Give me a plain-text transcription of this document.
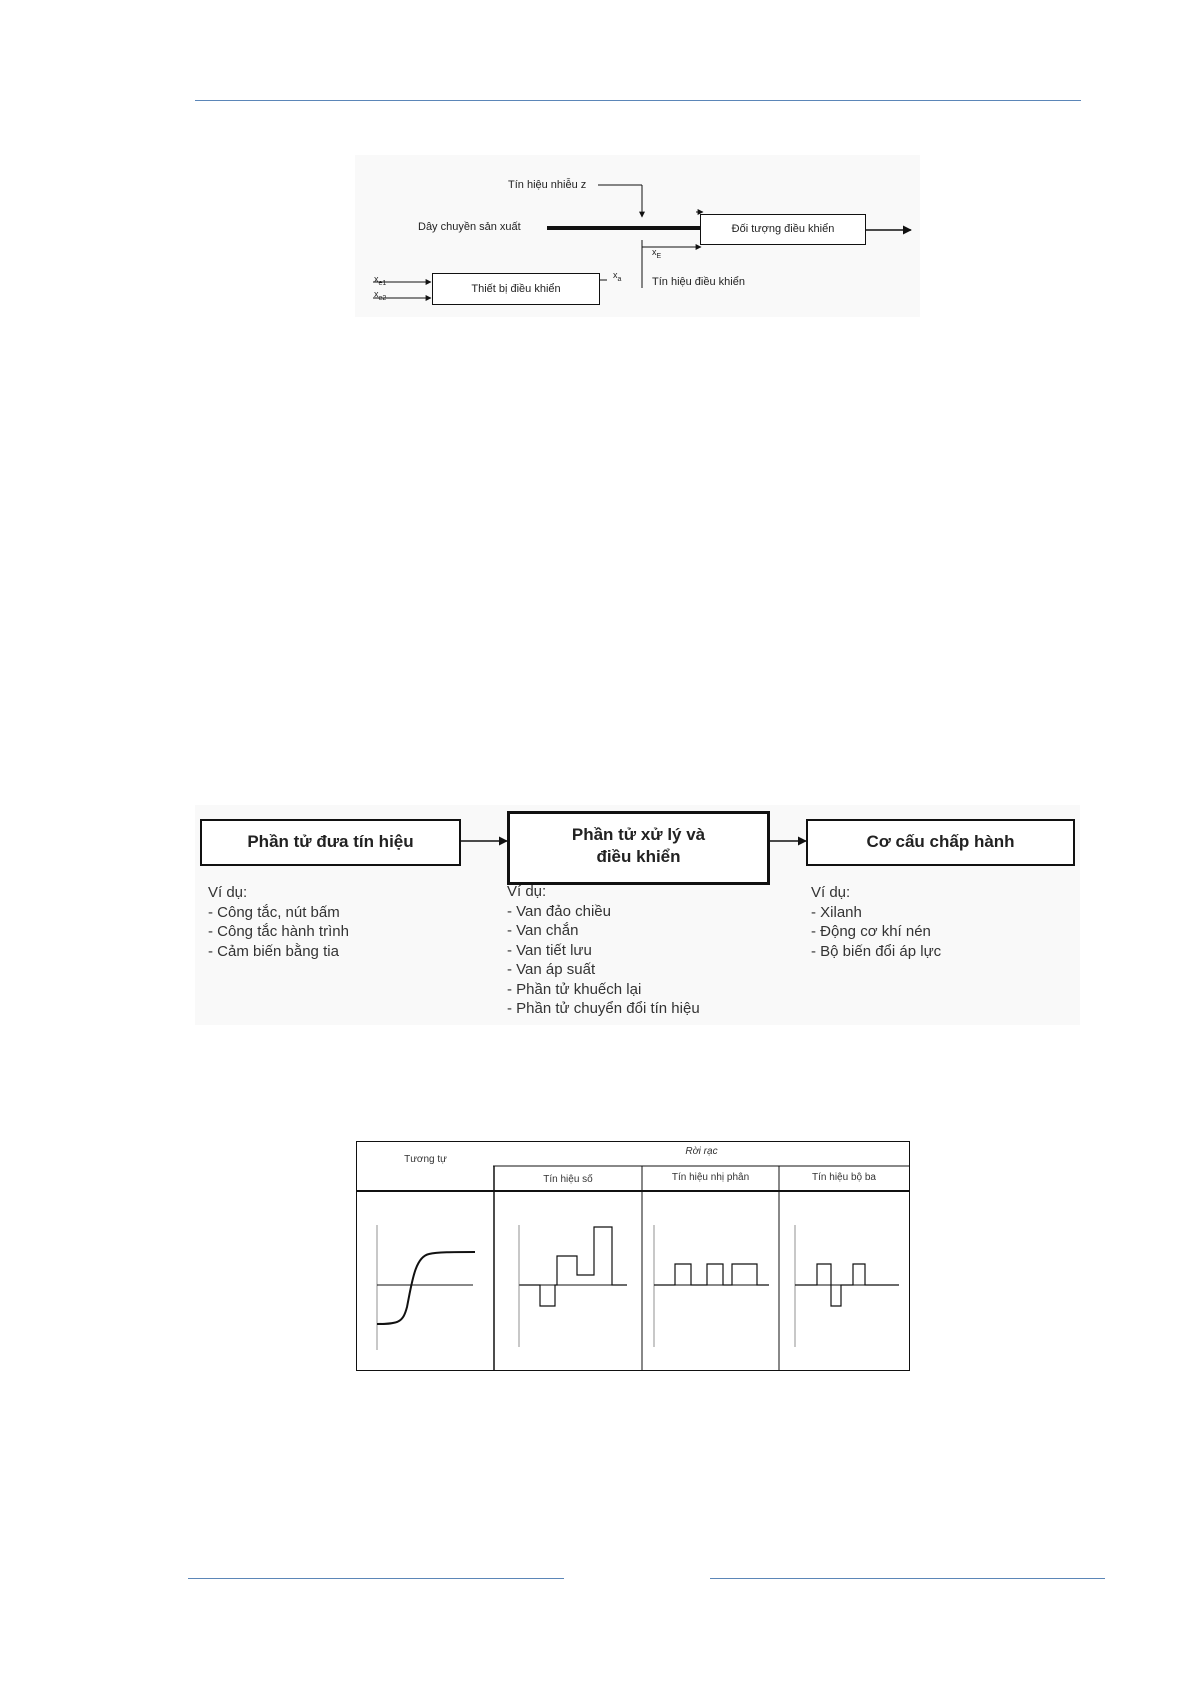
Tín hiệu nhiễu z
Dây chuyền sản xuất	Đối tượng điều khiển
Thiết bị điều khiển
Tín hiệu điều khiển
$x_{e1}$
$x_{e2}$
$x_a$
$x_E$
Phần tử đưa tín hiệu	Phần tử xử lý và
điều khiển
Cơ cấu chấp hành
Ví dụ:
- Công tắc, nút bấm
- Công tắc hành trình
- Cảm biến bằng tia
Ví dụ:
- Van đảo chiều
- Van chắn
- Van tiết lưu
- Van áp suất
- Phần tử khuếch lại
- Phần tử chuyển đổi tín hiệu
Ví dụ:
- Xilanh
- Động cơ khí nén
- Bộ biến đổi áp lực
Tương tự
Rời rạc
Tín hiệu số	Tín hiệu nhị phân	Tín hiệu bộ ba
